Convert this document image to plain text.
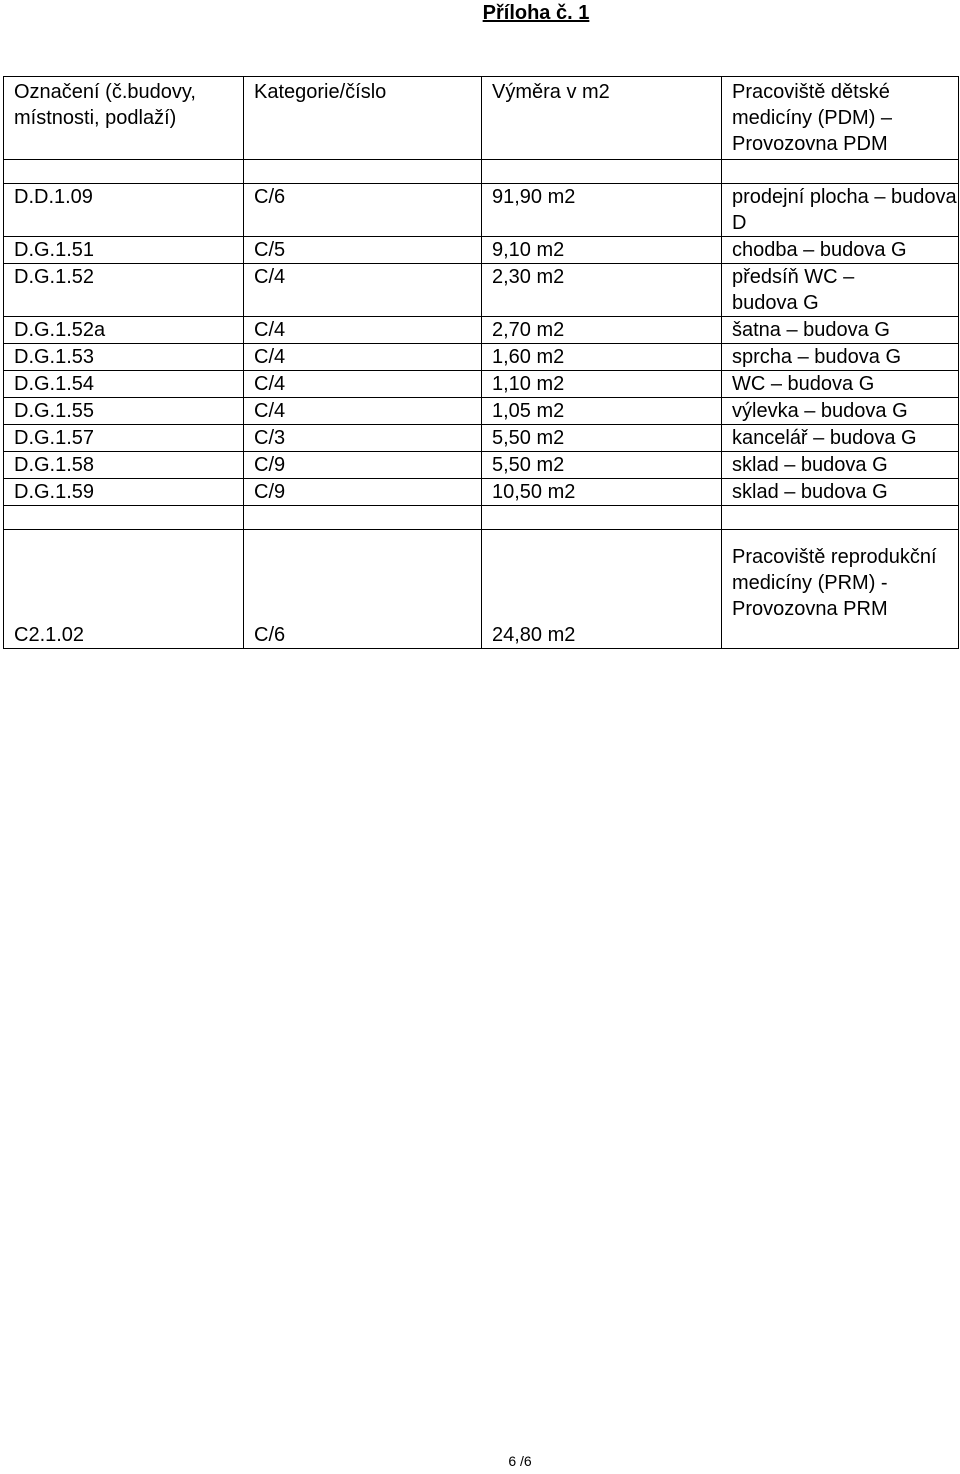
Příloha č. 1
Označení (č.budovy, místnosti, podlaží)	Kategorie/číslo	Výměra v m2	Pracoviště dětské medicíny (PDM) – Provozovna PDM

D.D.1.09	C/6	91,90 m2	prodejní plocha – budova D
D.G.1.51	C/5	9,10 m2	chodba – budova G
D.G.1.52	C/4	2,30 m2	předsíň WC – budova G
D.G.1.52a	C/4	2,70 m2	šatna – budova G
D.G.1.53	C/4	1,60 m2	sprcha – budova G
D.G.1.54	C/4	1,10 m2	WC – budova G
D.G.1.55	C/4	1,05 m2	výlevka – budova G
D.G.1.57	C/3	5,50 m2	kancelář – budova G
D.G.1.58	C/9	5,50 m2	sklad – budova G
D.G.1.59	C/9	10,50 m2	sklad – budova G

C2.1.02	C/6	24,80 m2	Pracoviště reprodukční medicíny (PRM) - Provozovna PRM
6 /6
